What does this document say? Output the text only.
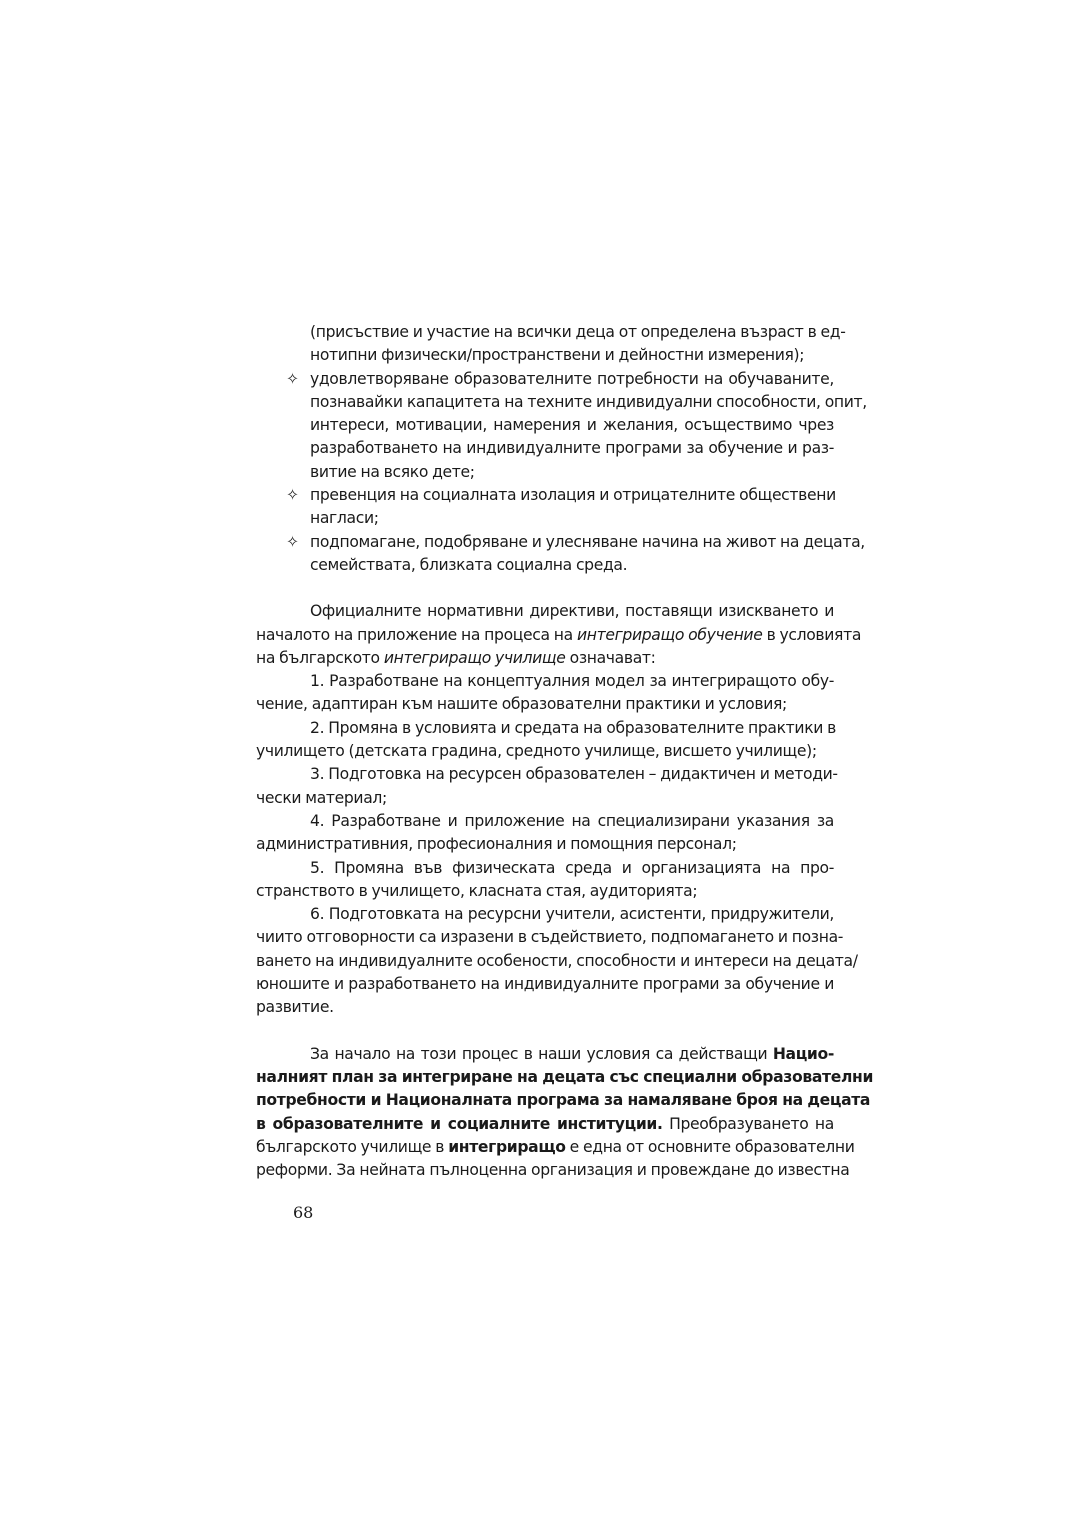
(присъствие и участие на всички деца от определена възраст в ед-
нотипни физически/пространствени и дейностни измерения);
✧ удовлетворяване образователните потребности на обучаваните,
познавайки капацитета на техните индивидуални способности, опит,
интереси, мотивации, намерения и желания, осъществимо чрез
разработването на индивидуалните програми за обучение и раз-
витие на всяко дете;
✧ превенция на социалната изолация и отрицателните обществени
нагласи;
✧ подпомагане, подобряване и улесняване начина на живот на децата,
семействата, близката социална среда.
Официалните нормативни директиви, поставящи изискването и
началото на приложение на процеса на интегриращо обучение в условията
на българското интегриращо училище означават:
1. Разработване на концептуалния модел за интегриращото обу-
чение, адаптиран към нашите образователни практики и условия;
2. Промяна в условията и средата на образователните практики в
училището (детската градина, средното училище, висшето училище);
3. Подготовка на ресурсен образователен – дидактичен и методи-
чески материал;
4. Разработване и приложение на специализирани указания за
административния, професионалния и помощния персонал;
5. Промяна във физическата среда и организацията на про-
странството в училището, класната стая, аудиторията;
6. Подготовката на ресурсни учители, асистенти, придружители,
чиито отговорности са изразени в съдействието, подпомагането и позна-
ването на индивидуалните особености, способности и интереси на децата/
юношите и разработването на индивидуалните програми за обучение и
развитие.
За начало на този процес в наши условия са действащи Нацио-
налният план за интегриране на децата със специални образователни
потребности и Националната програма за намаляване броя на децата
в образователните и социалните институции. Преобразуването на
българското училище в интегриращо е една от основните образователни
реформи. За нейната пълноценна организация и провеждане до известна
68
